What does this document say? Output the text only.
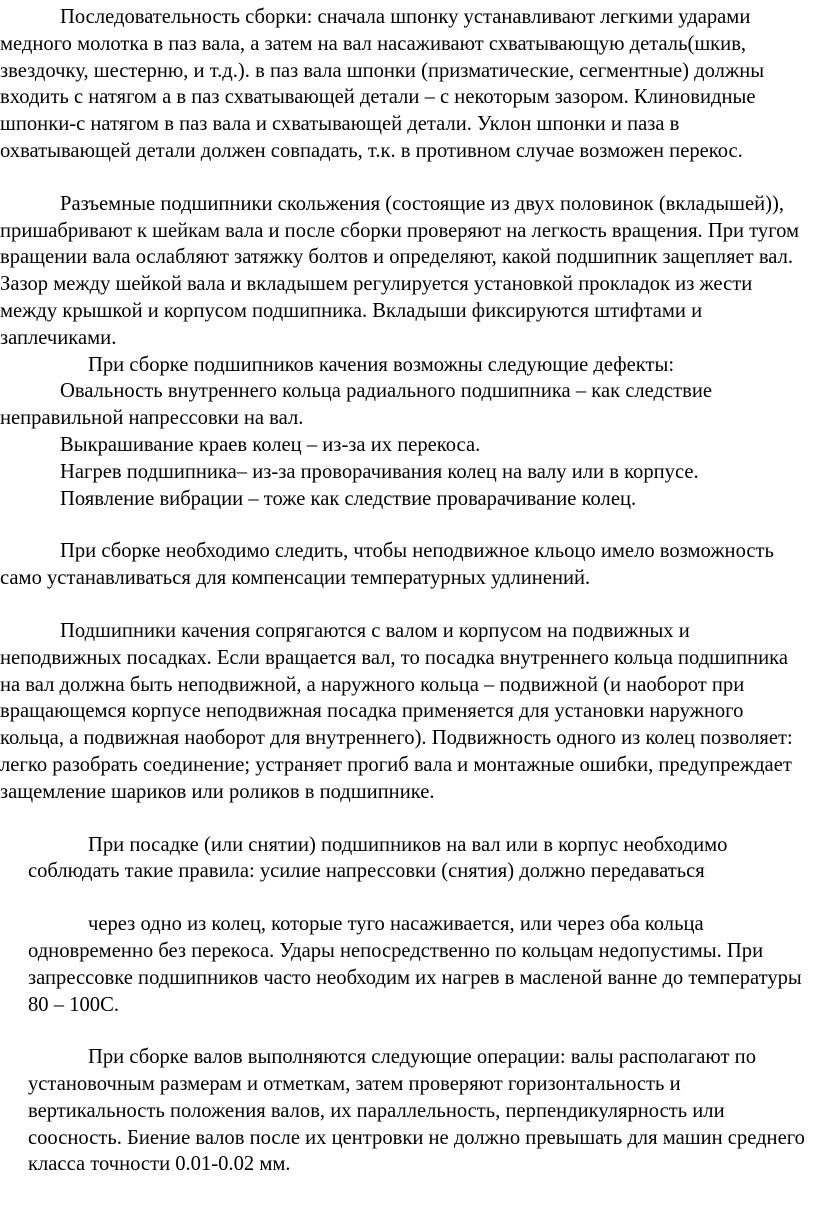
Последовательность сборки: сначала шпонку устанавливают легкими ударами медного молотка в паз вала, а затем на вал насаживают схватывающую деталь(шкив, звездочку, шестерню, и т.д.). в паз вала шпонки (призматические, сегментные) должны входить с натягом а в паз схватывающей детали – с некоторым зазором. Клиновидные шпонки-с натягом в паз вала и схватывающей детали. Уклон шпонки и паза в охватывающей детали должен совпадать, т.к. в противном случае возможен перекос.

Разъемные подшипники скольжения (состоящие из двух половинок (вкладышей)), пришабривают к шейкам вала и после сборки проверяют на легкость вращения. При тугом вращении вала ослабляют затяжку болтов и определяют, какой подшипник защепляет вал. Зазор между шейкой вала и вкладышем регулируется установкой прокладок из жести между крышкой и корпусом подшипника. Вкладыши фиксируются штифтами и заплечиками.

При сборке подшипников качения возможны следующие дефекты:

Овальность внутреннего кольца радиального подшипника – как следствие неправильной напрессовки на вал.

Выкрашивание краев колец – из-за их перекоса.

Нагрев подшипника– из-за проворачивания колец на валу или в корпусе.

Появление вибрации – тоже как следствие проварачивание колец.

При сборке необходимо следить, чтобы неподвижное кльоцо имело возможность само устанавливаться для компенсации температурных удлинений.

Подшипники качения сопрягаются с валом и корпусом на подвижных и неподвижных посадках. Если вращается вал, то посадка внутреннего кольца подшипника на вал должна быть неподвижной, а наружного кольца – подвижной (и наоборот при вращающемся корпусе неподвижная посадка применяется для установки наружного кольца, а подвижная наоборот для внутреннего). Подвижность одного из колец позволяет: легко разобрать соединение; устраняет прогиб вала и монтажные ошибки, предупреждает защемление шариков или роликов в подшипнике.

При посадке (или снятии) подшипников на вал или в корпус необходимо соблюдать такие правила: усилие напрессовки (снятия) должно передаваться

через одно из колец, которые туго насаживается, или через оба кольца одновременно без перекоса. Удары непосредственно по кольцам недопустимы. При запрессовке подшипников часто необходим их нагрев в масленой ванне до температуры 80 – 100С.

При сборке валов выполняются следующие операции: валы располагают по установочным размерам и отметкам, затем проверяют горизонтальность и вертикальность положения валов, их параллельность, перпендикулярность или соосность. Биение валов после их центровки не должно превышать для машин среднего класса точности 0.01-0.02 мм.
